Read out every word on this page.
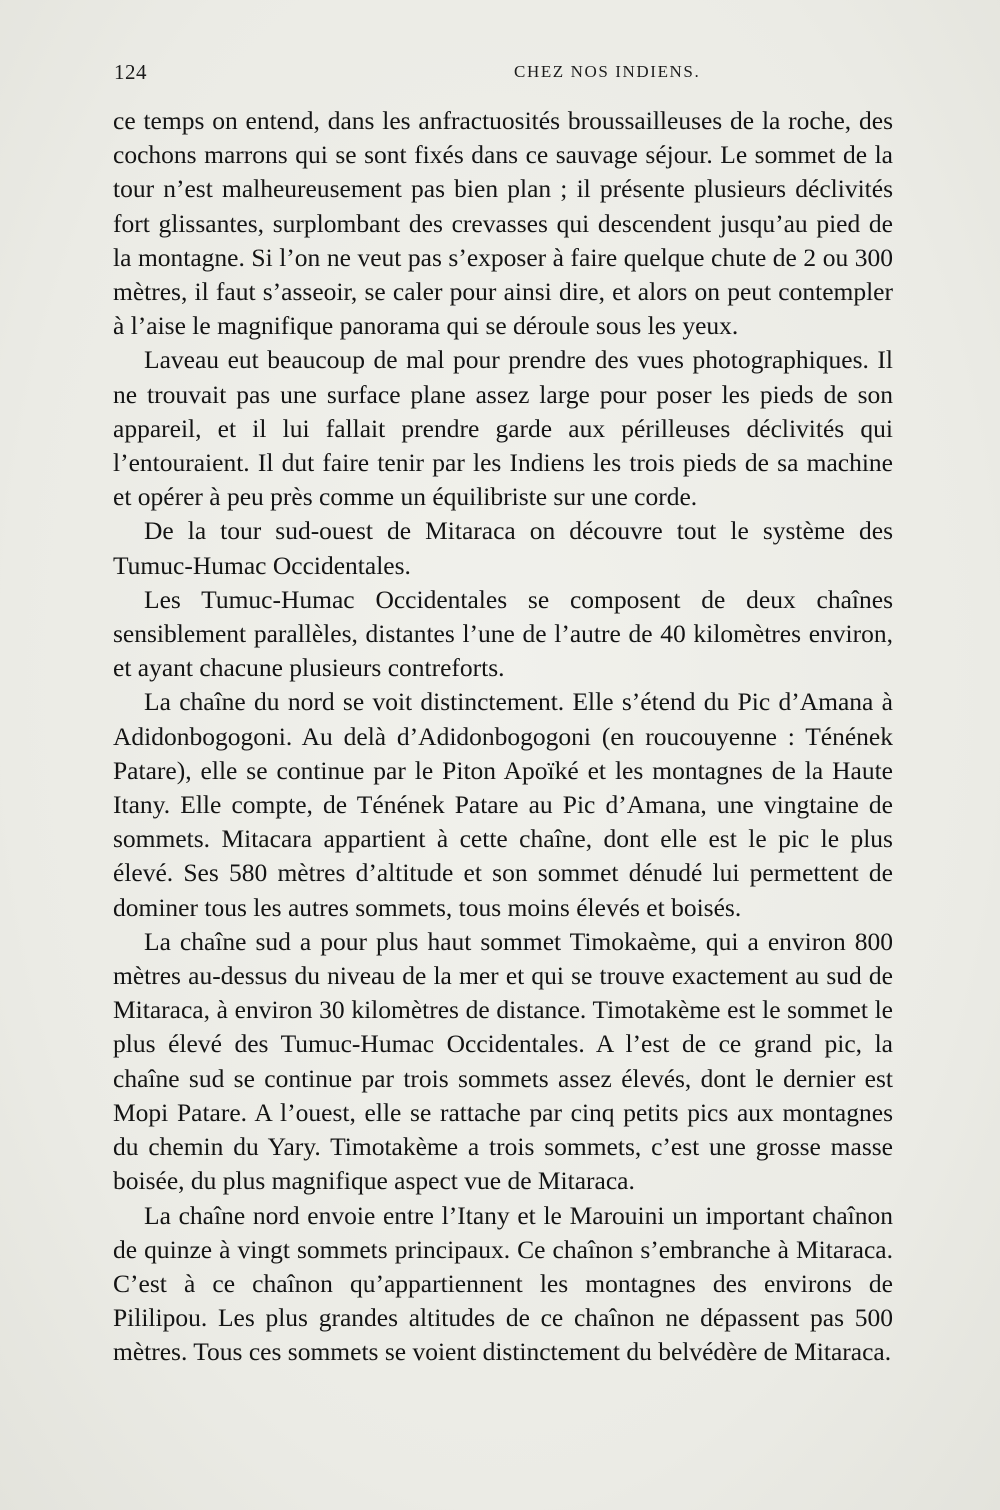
124	CHEZ NOS INDIENS.

ce temps on entend, dans les anfractuosités broussailleuses de la roche, des cochons marrons qui se sont fixés dans ce sauvage séjour. Le sommet de la tour n’est malheureusement pas bien plan ; il présente plusieurs déclivités fort glissantes, surplombant des crevasses qui descendent jusqu’au pied de la montagne. Si l’on ne veut pas s’exposer à faire quelque chute de 2 ou 300 mètres, il faut s’asseoir, se caler pour ainsi dire, et alors on peut contempler à l’aise le magnifique panorama qui se déroule sous les yeux.

Laveau eut beaucoup de mal pour prendre des vues photographiques. Il ne trouvait pas une surface plane assez large pour poser les pieds de son appareil, et il lui fallait prendre garde aux périlleuses déclivités qui l’entouraient. Il dut faire tenir par les Indiens les trois pieds de sa machine et opérer à peu près comme un équilibriste sur une corde.

De la tour sud-ouest de Mitaraca on découvre tout le système des Tumuc-Humac Occidentales.

Les Tumuc-Humac Occidentales se composent de deux chaînes sensiblement parallèles, distantes l’une de l’autre de 40 kilomètres environ, et ayant chacune plusieurs contreforts.

La chaîne du nord se voit distinctement. Elle s’étend du Pic d’Amana à Adidonbogogoni. Au delà d’Adidonbogogoni (en roucouyenne : Ténének Patare), elle se continue par le Piton Apoïké et les montagnes de la Haute Itany. Elle compte, de Ténének Patare au Pic d’Amana, une vingtaine de sommets. Mitacara appartient à cette chaîne, dont elle est le pic le plus élevé. Ses 580 mètres d’altitude et son sommet dénudé lui permettent de dominer tous les autres sommets, tous moins élevés et boisés.

La chaîne sud a pour plus haut sommet Timokaème, qui a environ 800 mètres au-dessus du niveau de la mer et qui se trouve exactement au sud de Mitaraca, à environ 30 kilomètres de distance. Timotakème est le sommet le plus élevé des Tumuc-Humac Occidentales. A l’est de ce grand pic, la chaîne sud se continue par trois sommets assez élevés, dont le dernier est Mopi Patare. A l’ouest, elle se rattache par cinq petits pics aux montagnes du chemin du Yary. Timotakème a trois sommets, c’est une grosse masse boisée, du plus magnifique aspect vue de Mitaraca.

La chaîne nord envoie entre l’Itany et le Marouini un important chaînon de quinze à vingt sommets principaux. Ce chaînon s’embranche à Mitaraca. C’est à ce chaînon qu’appartiennent les montagnes des environs de Pililipou. Les plus grandes altitudes de ce chaînon ne dépassent pas 500 mètres. Tous ces sommets se voient distinctement du belvédère de Mitaraca.
